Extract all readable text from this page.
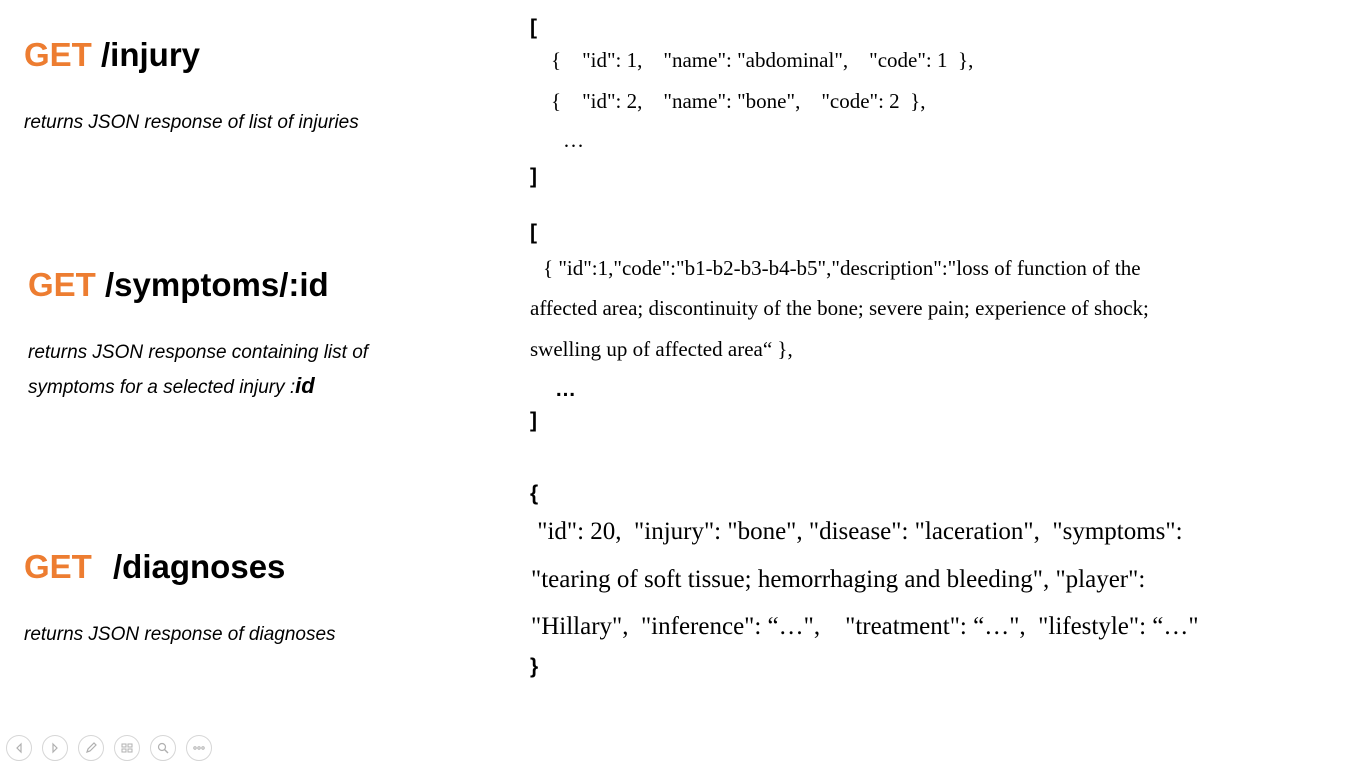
GET /injury
returns JSON response of list of injuries
GET /symptoms/:id
returns JSON response containing list of
symptoms for a selected injury :id
GET /diagnoses
returns JSON response of diagnoses
[
{    "id": 1,    "name": "abdominal",    "code": 1  },
{    "id": 2,    "name": "bone",    "code": 2  },
…
]
[
{ "id":1,"code":"b1-b2-b3-b4-b5","description":"loss of function of the
affected area; discontinuity of the bone; severe pain; experience of shock;
swelling up of affected area“ },
…
]
{
"id": 20,  "injury": "bone", "disease": "laceration",  "symptoms":
"tearing of soft tissue; hemorrhaging and bleeding", "player":
"Hillary",  "inference": “…",    "treatment": “…",  "lifestyle": “…"
}
